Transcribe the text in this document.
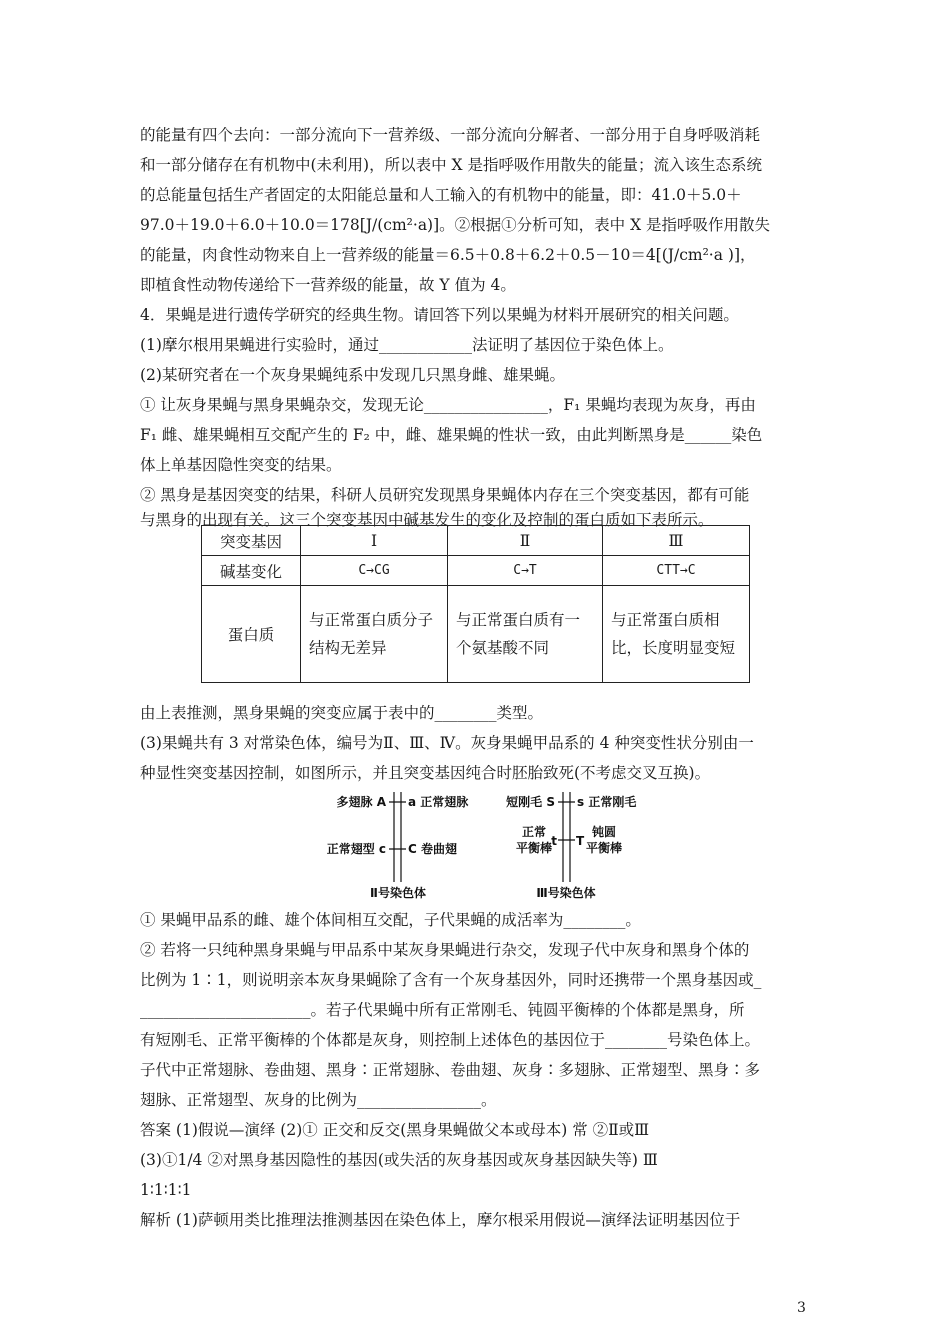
的能量有四个去向：一部分流向下一营养级、一部分流向分解者、一部分用于自身呼吸消耗

和一部分储存在有机物中(未利用)，所以表中 X 是指呼吸作用散失的能量；流入该生态系统

的总能量包括生产者固定的太阳能总量和人工输入的有机物中的能量，即：41.0＋5.0＋

97.0＋19.0＋6.0＋10.0＝178[J/(cm²·a)]。②根据①分析可知，表中 X 是指呼吸作用散失

的能量，肉食性动物来自上一营养级的能量＝6.5＋0.8＋6.2＋0.5－10＝4[(J/cm²·a )]，

即植食性动物传递给下一营养级的能量，故 Y 值为 4。

4．果蝇是进行遗传学研究的经典生物。请回答下列以果蝇为材料开展研究的相关问题。

(1)摩尔根用果蝇进行实验时，通过____________法证明了基因位于染色体上。

(2)某研究者在一个灰身果蝇纯系中发现几只黑身雌、雄果蝇。

① 让灰身果蝇与黑身果蝇杂交，发现无论________________，F₁ 果蝇均表现为灰身，再由

F₁ 雌、雄果蝇相互交配产生的 F₂ 中，雌、雄果蝇的性状一致，由此判断黑身是______染色

体上单基因隐性突变的结果。

② 黑身是基因突变的结果，科研人员研究发现黑身果蝇体内存在三个突变基因，都有可能

与黑身的出现有关。这三个突变基因中碱基发生的变化及控制的蛋白质如下表所示。

突变基因	Ⅰ	Ⅱ	Ⅲ
碱基变化	C→CG	C→T	CTT→C
蛋白质	与正常蛋白质分子结构无差异	与正常蛋白质有一个氨基酸不同	与正常蛋白质相比，长度明显变短

由上表推测，黑身果蝇的突变应属于表中的________类型。

(3)果蝇共有 3 对常染色体，编号为Ⅱ、Ⅲ、Ⅳ。灰身果蝇甲品系的 4 种突变性状分别由一

种显性突变基因控制，如图所示，并且突变基因纯合时胚胎致死(不考虑交叉互换)。

多翅脉 A a 正常翅脉
正常翅型 c C 卷曲翅
Ⅱ号染色体
短刚毛 S s 正常刚毛
正常
平衡棒 t T
钝圆
平衡棒
Ⅲ号染色体

① 果蝇甲品系的雌、雄个体间相互交配，子代果蝇的成活率为________。

② 若将一只纯种黑身果蝇与甲品系中某灰身果蝇进行杂交，发现子代中灰身和黑身个体的

比例为 1∶1，则说明亲本灰身果蝇除了含有一个灰身基因外，同时还携带一个黑身基因或_

______________________。若子代果蝇中所有正常刚毛、钝圆平衡棒的个体都是黑身，所

有短刚毛、正常平衡棒的个体都是灰身，则控制上述体色的基因位于________号染色体上。

子代中正常翅脉、卷曲翅、黑身∶正常翅脉、卷曲翅、灰身∶多翅脉、正常翅型、黑身∶多

翅脉、正常翅型、灰身的比例为________________。

答案 (1)假说—演绎 (2)① 正交和反交(黑身果蝇做父本或母本) 常 ②Ⅱ或Ⅲ

(3)①1/4 ②对黑身基因隐性的基因(或失活的灰身基因或灰身基因缺失等) Ⅲ

1∶1∶1∶1

解析 (1)萨顿用类比推理法推测基因在染色体上，摩尔根采用假说—演绎法证明基因位于

3
